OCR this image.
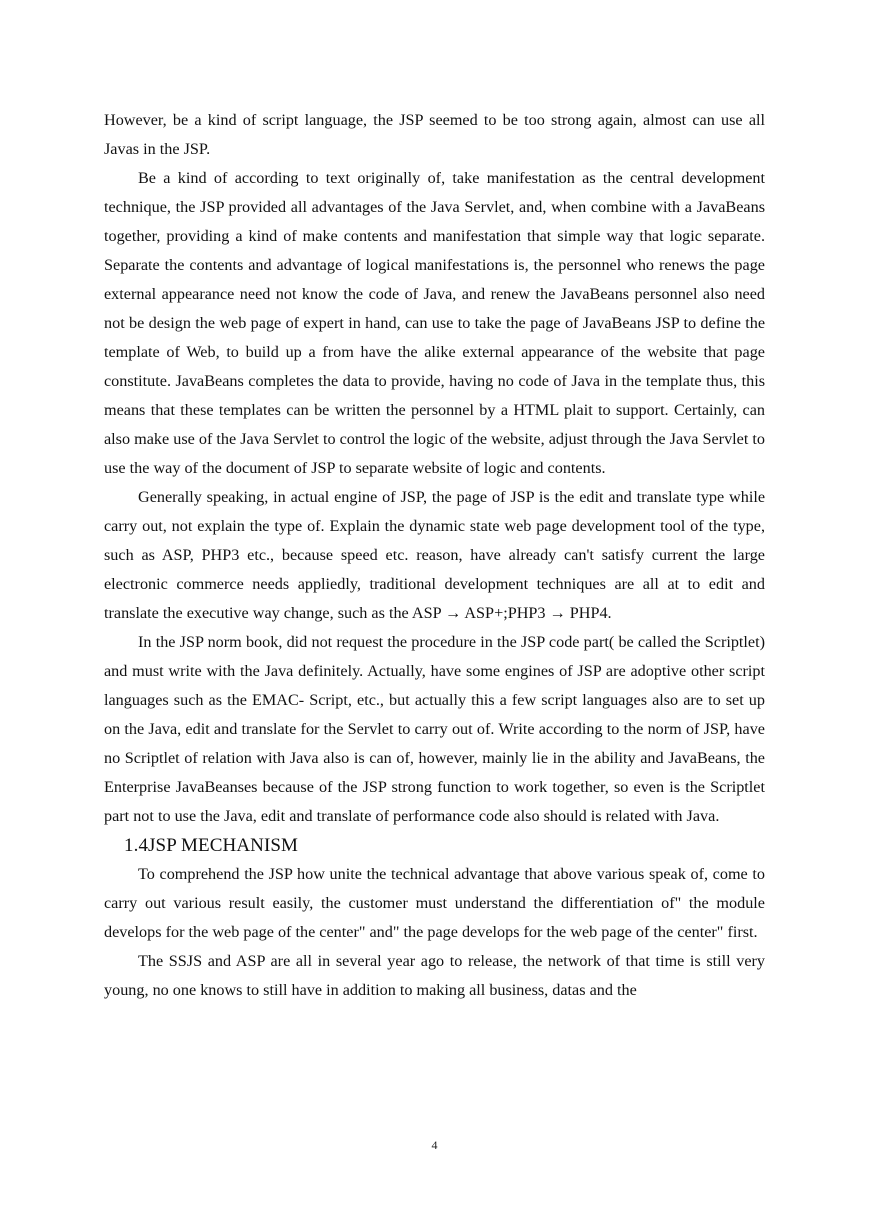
However, be a kind of script language, the JSP seemed to be too strong again, almost can use all Javas in the JSP.

Be a kind of according to text originally of, take manifestation as the central development technique, the JSP provided all advantages of the Java Servlet, and, when combine with a JavaBeans together, providing a kind of make contents and manifestation that simple way that logic separate. Separate the contents and advantage of logical manifestations is, the personnel who renews the page external appearance need not know the code of Java, and renew the JavaBeans personnel also need not be design the web page of expert in hand, can use to take the page of JavaBeans JSP to define the template of Web, to build up a from have the alike external appearance of the website that page constitute. JavaBeans completes the data to provide, having no code of Java in the template thus, this means that these templates can be written the personnel by a HTML plait to support. Certainly, can also make use of the Java Servlet to control the logic of the website, adjust through the Java Servlet to use the way of the document of JSP to separate website of logic and contents.

Generally speaking, in actual engine of JSP, the page of JSP is the edit and translate type while carry out, not explain the type of. Explain the dynamic state web page development tool of the type, such as ASP, PHP3 etc., because speed etc. reason, have already can't satisfy current the large electronic commerce needs appliedly, traditional development techniques are all at to edit and translate the executive way change, such as the ASP → ASP+;PHP3 → PHP4.

In the JSP norm book, did not request the procedure in the JSP code part( be called the Scriptlet) and must write with the Java definitely. Actually, have some engines of JSP are adoptive other script languages such as the EMAC- Script, etc., but actually this a few script languages also are to set up on the Java, edit and translate for the Servlet to carry out of. Write according to the norm of JSP, have no Scriptlet of relation with Java also is can of, however, mainly lie in the ability and JavaBeans, the Enterprise JavaBeanses because of the JSP strong function to work together, so even is the Scriptlet part not to use the Java, edit and translate of performance code also should is related with Java.

1.4JSP MECHANISM

To comprehend the JSP how unite the technical advantage that above various speak of, come to carry out various result easily, the customer must understand the differentiation of" the module develops for the web page of the center" and" the page develops for the web page of the center" first.

The SSJS and ASP are all in several year ago to release, the network of that time is still very young, no one knows to still have in addition to making all business, datas and the

4
